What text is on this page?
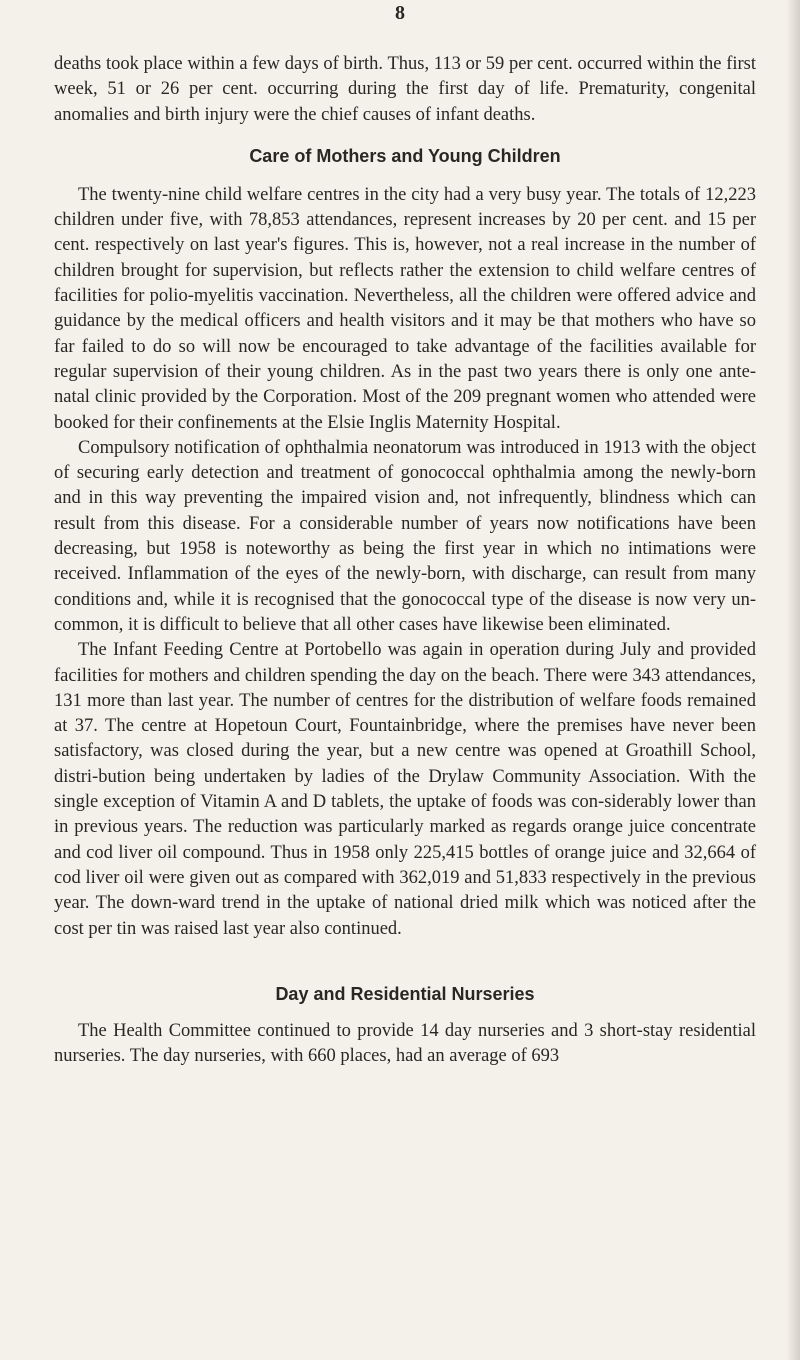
8

deaths took place within a few days of birth. Thus, 113 or 59 per cent. occurred within the first week, 51 or 26 per cent. occurring during the first day of life. Prematurity, congenital anomalies and birth injury were the chief causes of infant deaths.

Care of Mothers and Young Children

The twenty-nine child welfare centres in the city had a very busy year. The totals of 12,223 children under five, with 78,853 attendances, represent increases by 20 per cent. and 15 per cent. respectively on last year's figures. This is, however, not a real increase in the number of children brought for supervision, but reflects rather the extension to child welfare centres of facilities for polio-myelitis vaccination. Nevertheless, all the children were offered advice and guidance by the medical officers and health visitors and it may be that mothers who have so far failed to do so will now be encouraged to take advantage of the facilities available for regular supervision of their young children. As in the past two years there is only one ante-natal clinic provided by the Corporation. Most of the 209 pregnant women who attended were booked for their confinements at the Elsie Inglis Maternity Hospital.

Compulsory notification of ophthalmia neonatorum was introduced in 1913 with the object of securing early detection and treatment of gonococcal ophthalmia among the newly-born and in this way preventing the impaired vision and, not infrequently, blindness which can result from this disease. For a considerable number of years now notifications have been decreasing, but 1958 is noteworthy as being the first year in which no intimations were received. Inflammation of the eyes of the newly-born, with discharge, can result from many conditions and, while it is recognised that the gonococcal type of the disease is now very un-common, it is difficult to believe that all other cases have likewise been eliminated.

The Infant Feeding Centre at Portobello was again in operation during July and provided facilities for mothers and children spending the day on the beach. There were 343 attendances, 131 more than last year. The number of centres for the distribution of welfare foods remained at 37. The centre at Hopetoun Court, Fountainbridge, where the premises have never been satisfactory, was closed during the year, but a new centre was opened at Groathill School, distri-bution being undertaken by ladies of the Drylaw Community Association. With the single exception of Vitamin A and D tablets, the uptake of foods was con-siderably lower than in previous years. The reduction was particularly marked as regards orange juice concentrate and cod liver oil compound. Thus in 1958 only 225,415 bottles of orange juice and 32,664 of cod liver oil were given out as compared with 362,019 and 51,833 respectively in the previous year. The down-ward trend in the uptake of national dried milk which was noticed after the cost per tin was raised last year also continued.

Day and Residential Nurseries

The Health Committee continued to provide 14 day nurseries and 3 short-stay residential nurseries. The day nurseries, with 660 places, had an average of 693
